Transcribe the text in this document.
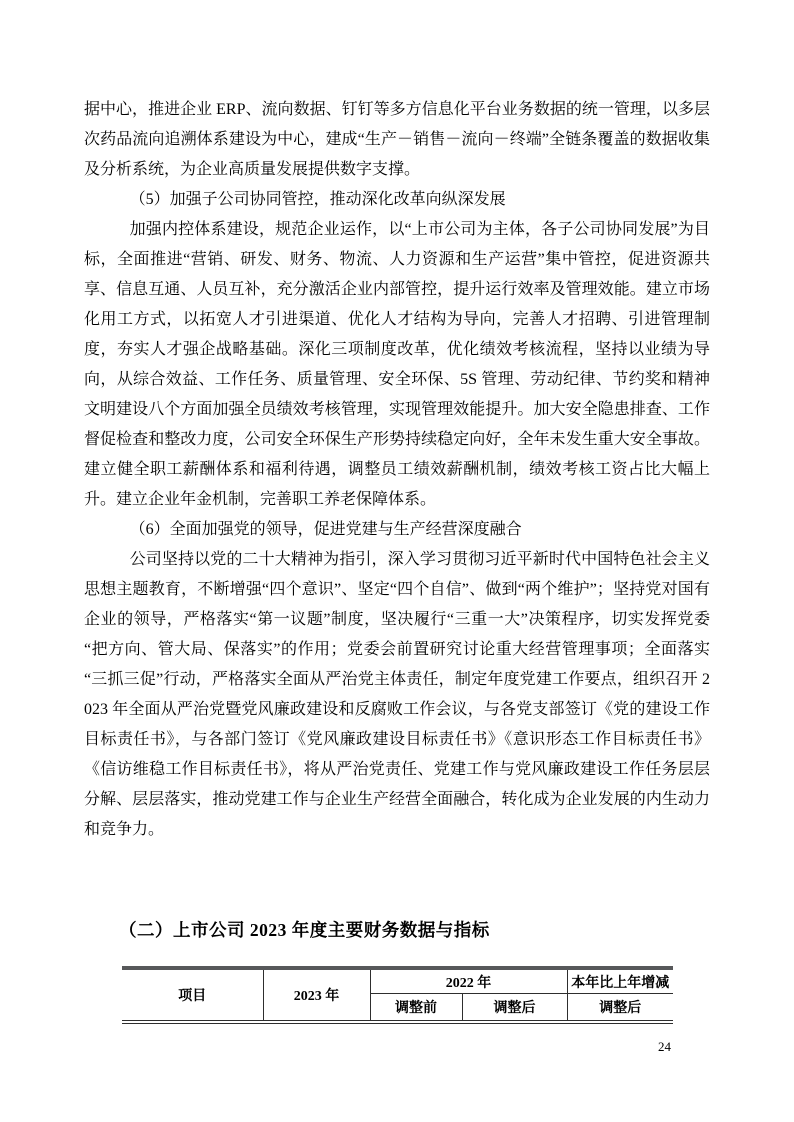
据中心，推进企业 ERP、流向数据、钉钉等多方信息化平台业务数据的统一管理，以多层次药品流向追溯体系建设为中心，建成“生产－销售－流向－终端”全链条覆盖的数据收集及分析系统，为企业高质量发展提供数字支撑。

（5）加强子公司协同管控，推动深化改革向纵深发展

加强内控体系建设，规范企业运作，以“上市公司为主体，各子公司协同发展”为目标，全面推进“营销、研发、财务、物流、人力资源和生产运营”集中管控，促进资源共享、信息互通、人员互补，充分激活企业内部管控，提升运行效率及管理效能。建立市场化用工方式，以拓宽人才引进渠道、优化人才结构为导向，完善人才招聘、引进管理制度，夯实人才强企战略基础。深化三项制度改革，优化绩效考核流程，坚持以业绩为导向，从综合效益、工作任务、质量管理、安全环保、5S 管理、劳动纪律、节约奖和精神文明建设八个方面加强全员绩效考核管理，实现管理效能提升。加大安全隐患排查、工作督促检查和整改力度，公司安全环保生产形势持续稳定向好，全年未发生重大安全事故。建立健全职工薪酬体系和福利待遇，调整员工绩效薪酬机制，绩效考核工资占比大幅上升。建立企业年金机制，完善职工养老保障体系。

（6）全面加强党的领导，促进党建与生产经营深度融合

公司坚持以党的二十大精神为指引，深入学习贯彻习近平新时代中国特色社会主义思想主题教育，不断增强“四个意识”、坚定“四个自信”、做到“两个维护”；坚持党对国有企业的领导，严格落实“第一议题”制度，坚决履行“三重一大”决策程序，切实发挥党委“把方向、管大局、保落实”的作用；党委会前置研究讨论重大经营管理事项；全面落实“三抓三促”行动，严格落实全面从严治党主体责任，制定年度党建工作要点，组织召开 2023 年全面从严治党暨党风廉政建设和反腐败工作会议，与各党支部签订《党的建设工作目标责任书》，与各部门签订《党风廉政建设目标责任书》《意识形态工作目标责任书》《信访维稳工作目标责任书》，将从严治党责任、党建工作与党风廉政建设工作任务层层分解、层层落实，推动党建工作与企业生产经营全面融合，转化成为企业发展的内生动力和竞争力。

（二）上市公司 2023 年度主要财务数据与指标
项目	2023 年	2022 年		本年比上年增减
		调整前	调整后	调整后
24
